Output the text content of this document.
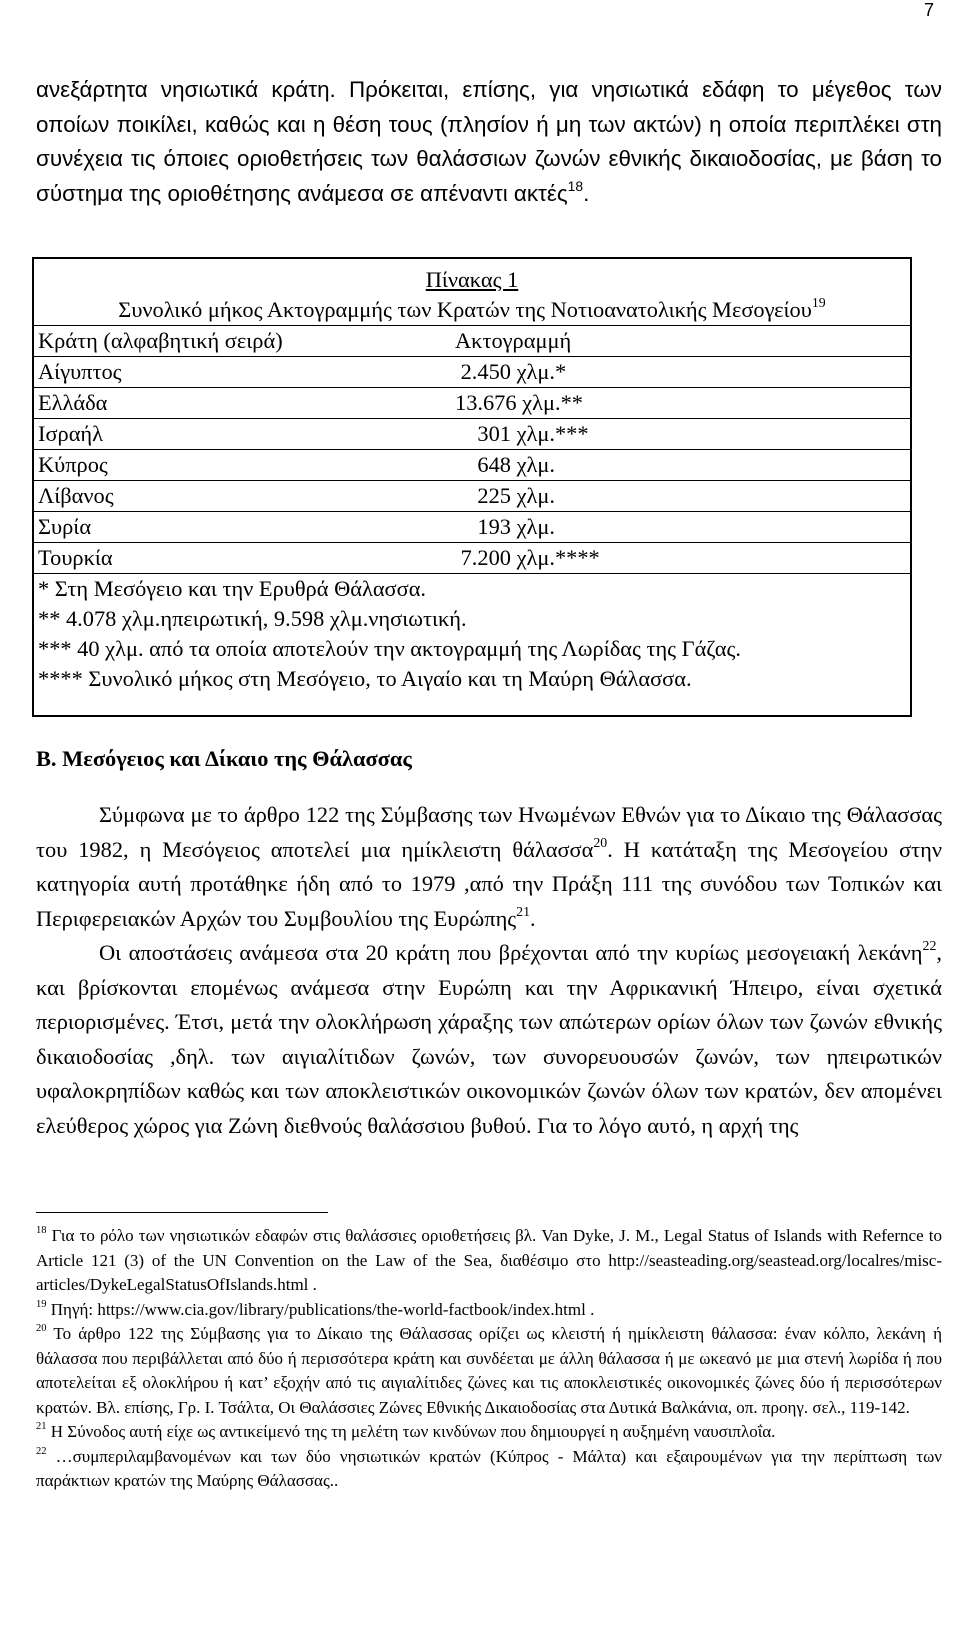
7
ανεξάρτητα νησιωτικά κράτη. Πρόκειται, επίσης, για νησιωτικά εδάφη το μέγεθος των οποίων ποικίλει, καθώς και η θέση τους (πλησίον ή μη των ακτών) η οποία περιπλέκει στη συνέχεια τις όποιες οριοθετήσεις των θαλάσσιων ζωνών εθνικής δικαιοδοσίας, με βάση το σύστημα της οριοθέτησης ανάμεσα σε απέναντι ακτές$^{18}$.
Πίνακας 1
Συνολικό μήκος Ακτογραμμής των Κρατών της Νοτιοανατολικής Μεσογείου$^{19}$
Κράτη (αλφαβητική σειρά)	Ακτογραμμή
Αίγυπτος	2.450 χλμ.*
Ελλάδα	13.676 χλμ.**
Ισραήλ	301 χλμ.***
Κύπρος	648 χλμ.
Λίβανος	225 χλμ.
Συρία	193 χλμ.
Τουρκία	7.200 χλμ.****
* Στη Μεσόγειο και την Ερυθρά Θάλασσα.
** 4.078 χλμ.ηπειρωτική, 9.598 χλμ.νησιωτική.
*** 40 χλμ. από τα οποία αποτελούν την ακτογραμμή της Λωρίδας της Γάζας.
**** Συνολικό μήκος στη Μεσόγειο, το Αιγαίο και τη Μαύρη Θάλασσα.
Β. Μεσόγειος και Δίκαιο της Θάλασσας
Σύμφωνα με το άρθρο 122 της Σύμβασης των Ηνωμένων Εθνών για το Δίκαιο της Θάλασσας του 1982, η Μεσόγειος αποτελεί μια ημίκλειστη θάλασσα$^{20}$. Η κατάταξη της Μεσογείου στην κατηγορία αυτή προτάθηκε ήδη από το 1979 ,από την Πράξη 111 της συνόδου των Τοπικών και Περιφερειακών Αρχών του Συμβουλίου της Ευρώπης$^{21}$.
Οι αποστάσεις ανάμεσα στα 20 κράτη που βρέχονται από την κυρίως μεσογειακή λεκάνη$^{22}$, και βρίσκονται επομένως ανάμεσα στην Ευρώπη και την Αφρικανική Ήπειρο, είναι σχετικά περιορισμένες. Έτσι, μετά την ολοκλήρωση χάραξης των απώτερων ορίων όλων των ζωνών εθνικής δικαιοδοσίας ,δηλ. των αιγιαλίτιδων ζωνών, των συνορευουσών ζωνών, των ηπειρωτικών υφαλοκρηπίδων καθώς και των αποκλειστικών οικονομικών ζωνών όλων των κρατών, δεν απομένει ελεύθερος χώρος για Ζώνη διεθνούς θαλάσσιου βυθού. Για το λόγο αυτό, η αρχή της
$^{18}$ Για το ρόλο των νησιωτικών εδαφών στις θαλάσσιες οριοθετήσεις βλ. Van Dyke, J. M., Legal Status of Islands with Refernce to Article 121 (3) of the UN Convention on the Law of the Sea, διαθέσιμο στο http://seasteading.org/seastead.org/localres/misc-articles/DykeLegalStatusOfIslands.html .
$^{19}$ Πηγή: https://www.cia.gov/library/publications/the-world-factbook/index.html .
$^{20}$ Το άρθρο 122 της Σύμβασης για το Δίκαιο της Θάλασσας ορίζει ως κλειστή ή ημίκλειστη θάλασσα: έναν κόλπο, λεκάνη ή θάλασσα που περιβάλλεται από δύο ή περισσότερα κράτη και συνδέεται με άλλη θάλασσα ή με ωκεανό με μια στενή λωρίδα ή που αποτελείται εξ ολοκλήρου ή κατ’ εξοχήν από τις αιγιαλίτιδες ζώνες και τις αποκλειστικές οικονομικές ζώνες δύο ή περισσότερων κρατών. Βλ. επίσης, Γρ. Ι. Τσάλτα, Οι Θαλάσσιες Ζώνες Εθνικής Δικαιοδοσίας στα Δυτικά Βαλκάνια, οπ. προηγ. σελ., 119-142.
$^{21}$ Η Σύνοδος αυτή είχε ως αντικείμενό της τη μελέτη των κινδύνων που δημιουργεί η αυξημένη ναυσιπλοΐα.
$^{22}$ …συμπεριλαμβανομένων και των δύο νησιωτικών κρατών (Κύπρος - Μάλτα) και εξαιρουμένων για την περίπτωση των παράκτιων κρατών της Μαύρης Θάλασσας..
